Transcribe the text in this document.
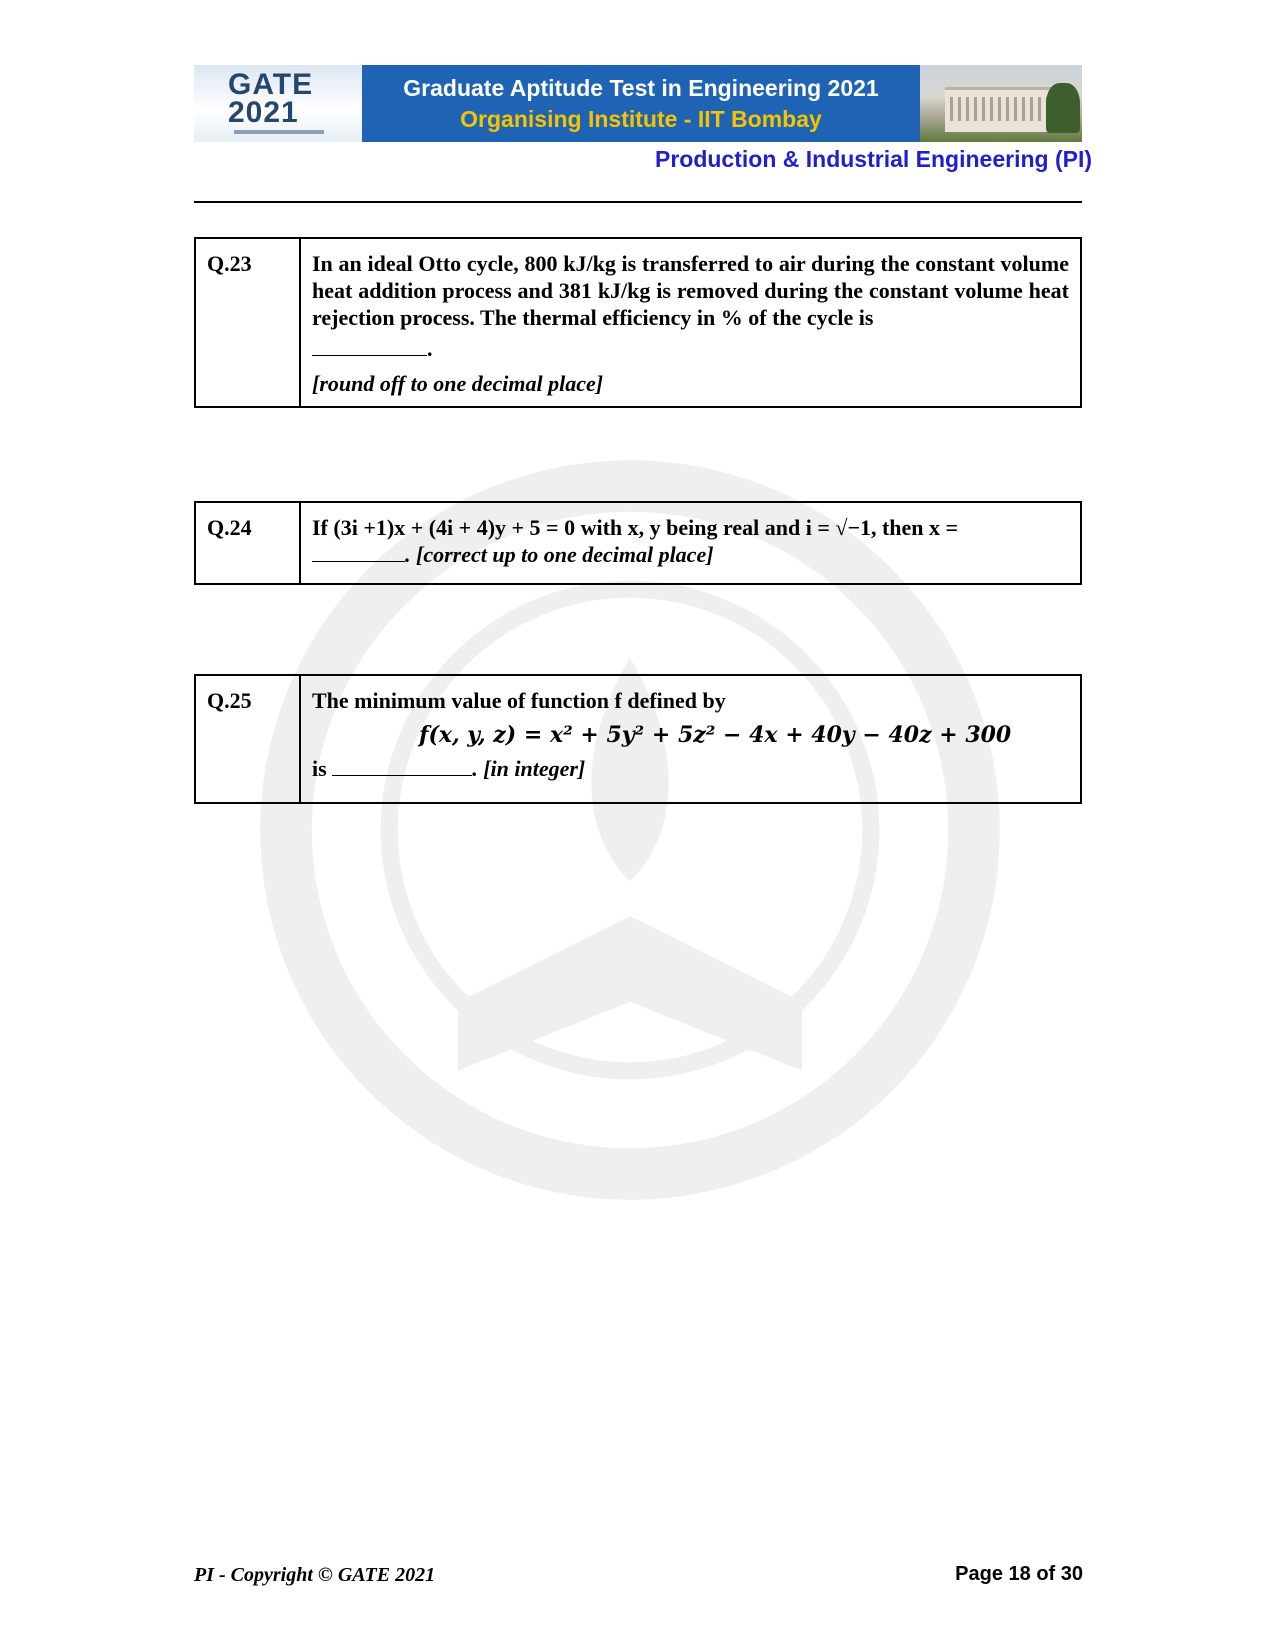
GATE
2021
Graduate Aptitude Test in Engineering 2021
Organising Institute - IIT Bombay
Production & Industrial Engineering (PI)
Q.23	In an ideal Otto cycle, 800 kJ/kg is transferred to air during the constant volume heat addition process and 381 kJ/kg is removed during the constant volume heat rejection process. The thermal efficiency in % of the cycle is
.
[round off to one decimal place]
Q.24	If (3i +1)x + (4i + 4)y + 5 = 0 with x, y being real and i = √−1, then x =
. [correct up to one decimal place]
Q.25	The minimum value of function f defined by
f(x, y, z) = x² + 5y² + 5z² − 4x + 40y − 40z + 300
is	. [in integer]
PI - Copyright © GATE 2021	Page 18 of 30
